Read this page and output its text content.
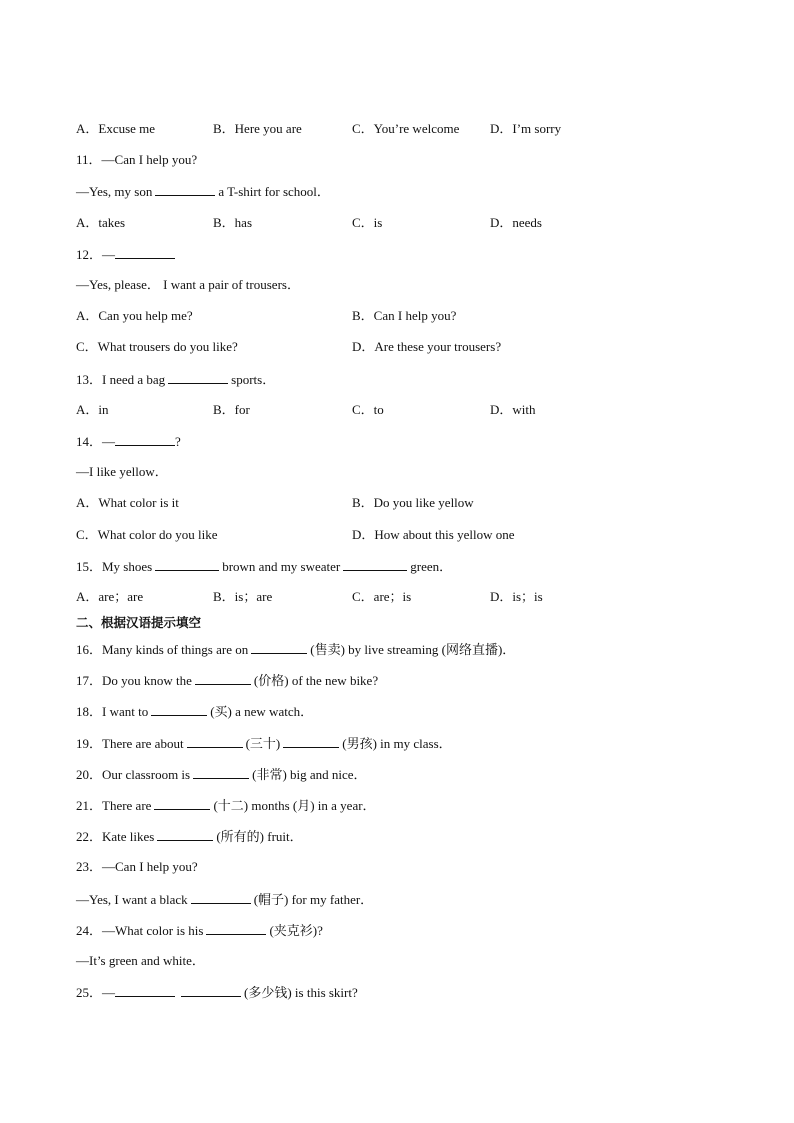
A．Excuse me	B．Here you are	C．You’re welcome D．I’m sorry
11．—Can I help you?
—Yes, my son	a T-shirt for school．
A．takes	B．has	C．is	D．needs
12．—
—Yes, please． I want a pair of trousers．
A．Can you help me?	B．Can I help you?
C．What trousers do you like?	D．Are these your trousers?
13．I need a bag	sports．
A．in	B．for	C．to	D．with
14．—	?
—I like yellow．
A．What color is it	B．Do you like yellow
C．What color do you like	D．How about this yellow one
15．My shoes	brown and my sweater	green．
A．are；are	B．is；are	C．are；is	D．is；is
二、根据汉语提示填空
16．Many kinds of things are on	(售卖) by live streaming (网络直播)．
17．Do you know the	(价格) of the new bike?
18．I want to	(买) a new watch．
19．There are about	(三十)	(男孩) in my class．
20．Our classroom is	(非常) big and nice．
21．There are	(十二) months (月) in a year．
22．Kate likes	(所有的) fruit．
23．—Can I help you?
—Yes, I want a black	(帽子) for my father．
24．—What color is his	(夹克衫)?
—It’s green and white．
25．—	(多少钱) is this skirt?
